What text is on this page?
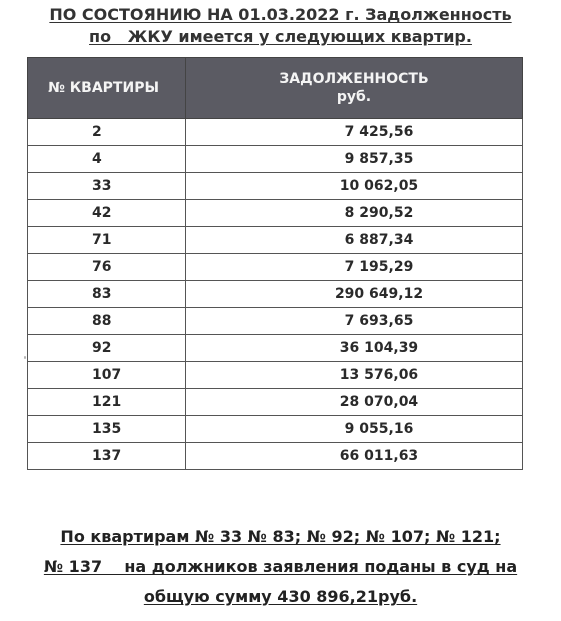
ПО СОСТОЯНИЮ НА 01.03.2022 г. Задолженность
по   ЖКУ имеется у следующих квартир.
№ КВАРТИРЫ	ЗАДОЛЖЕННОСТЬ
руб.

2	7 425,56
4	9 857,35
33	10 062,05
42	8 290,52
71	6 887,34
76	7 195,29
83	290 649,12
88	7 693,65
92	36 104,39
107	13 576,06
121	28 070,04
135	9 055,16
137	66 011,63
По квартирам № 33 № 83; № 92; № 107; № 121;
№ 137    на должников заявления поданы в суд на
общую сумму 430 896,21руб.
